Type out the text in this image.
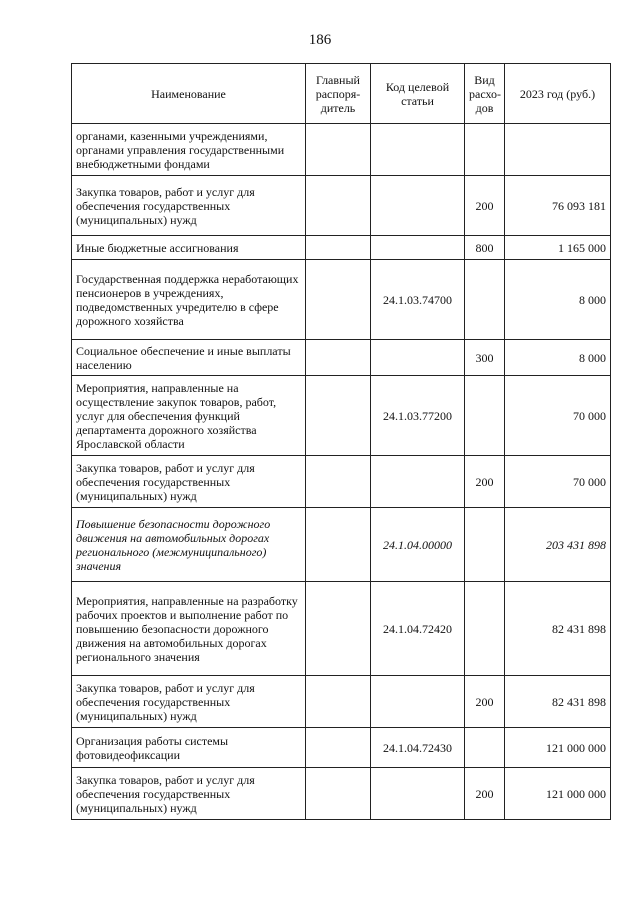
186
Наименование	Главный распоря-дитель	Код целевой статьи	Вид расхо-дов	2023 год (руб.)
органами, казенными учреждениями, органами управления государственными внебюджетными фондами				
Закупка товаров, работ и услуг для обеспечения государственных (муниципальных) нужд			200	76 093 181
Иные бюджетные ассигнования			800	1 165 000
Государственная поддержка неработающих пенсионеров в учреждениях, подведомственных учредителю в сфере дорожного хозяйства		24.1.03.74700		8 000
Социальное обеспечение и иные выплаты населению			300	8 000
Мероприятия, направленные на осуществление закупок товаров, работ, услуг для обеспечения функций департамента дорожного хозяйства Ярославской области		24.1.03.77200		70 000
Закупка товаров, работ и услуг для обеспечения государственных (муниципальных) нужд			200	70 000
Повышение безопасности дорожного движения на автомобильных дорогах регионального (межмуниципального) значения		24.1.04.00000		203 431 898
Мероприятия, направленные на разработку рабочих проектов и выполнение работ по повышению безопасности дорожного движения на автомобильных дорогах регионального значения		24.1.04.72420		82 431 898
Закупка товаров, работ и услуг для обеспечения государственных (муниципальных) нужд			200	82 431 898
Организация работы системы фотовидеофиксации		24.1.04.72430		121 000 000
Закупка товаров, работ и услуг для обеспечения государственных (муниципальных) нужд			200	121 000 000
